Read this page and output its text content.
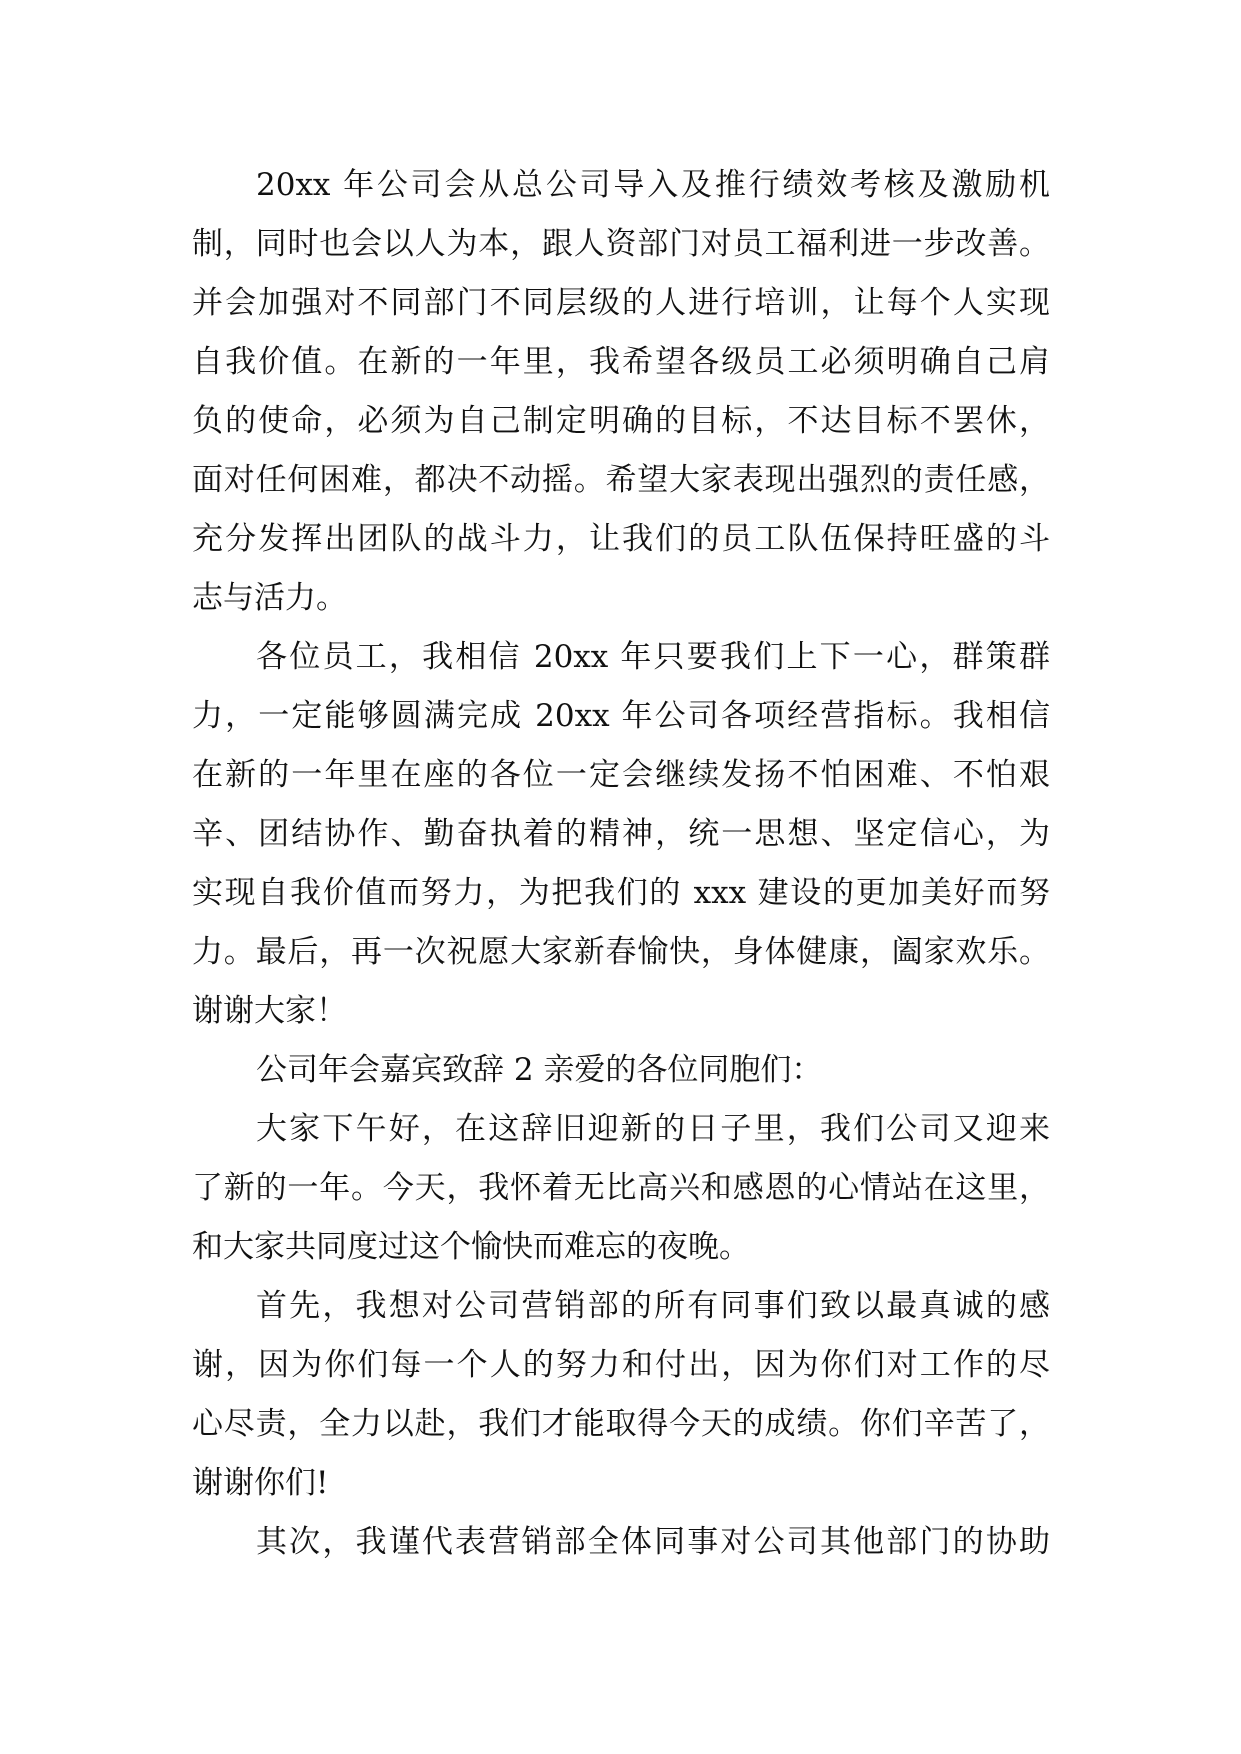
20xx 年公司会从总公司导入及推行绩效考核及激励机
制，同时也会以人为本，跟人资部门对员工福利进一步改善。
并会加强对不同部门不同层级的人进行培训，让每个人实现
自我价值。在新的一年里，我希望各级员工必须明确自己肩
负的使命，必须为自己制定明确的目标，不达目标不罢休，
面对任何困难，都决不动摇。希望大家表现出强烈的责任感，
充分发挥出团队的战斗力，让我们的员工队伍保持旺盛的斗
志与活力。
各位员工，我相信 20xx 年只要我们上下一心，群策群
力，一定能够圆满完成 20xx 年公司各项经营指标。我相信
在新的一年里在座的各位一定会继续发扬不怕困难、不怕艰
辛、团结协作、勤奋执着的精神，统一思想、坚定信心，为
实现自我价值而努力，为把我们的 xxx 建设的更加美好而努
力。最后，再一次祝愿大家新春愉快，身体健康，阖家欢乐。
谢谢大家！
公司年会嘉宾致辞 2 亲爱的各位同胞们：
大家下午好，在这辞旧迎新的日子里，我们公司又迎来
了新的一年。今天，我怀着无比高兴和感恩的心情站在这里，
和大家共同度过这个愉快而难忘的夜晚。
首先，我想对公司营销部的所有同事们致以最真诚的感
谢，因为你们每一个人的努力和付出，因为你们对工作的尽
心尽责，全力以赴，我们才能取得今天的成绩。你们辛苦了，
谢谢你们!
其次，我谨代表营销部全体同事对公司其他部门的协助
